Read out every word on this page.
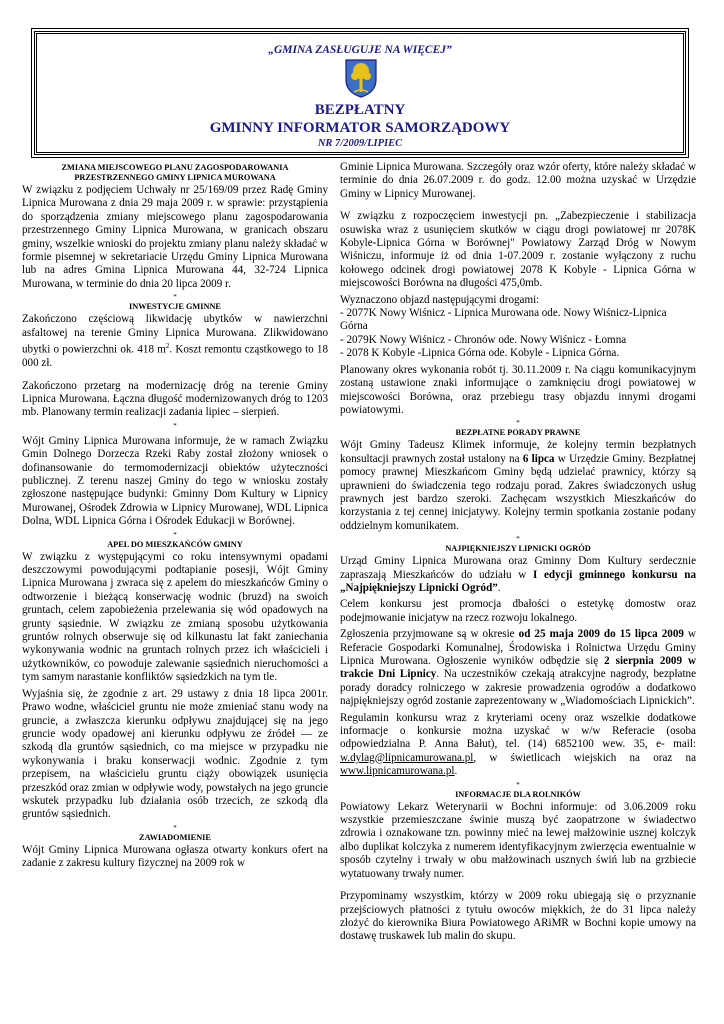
„GMINA ZASŁUGUJE NA WIĘCEJ”
BEZPŁATNY
GMINNY INFORMATOR SAMORZĄDOWY
NR 7/2009/LIPIEC
ZMIANA MIEJSCOWEGO PLANU ZAGOSPODAROWANIA
PRZESTRZENNEGO GMINY LIPNICA MUROWANA

W związku z podjęciem Uchwały nr 25/169/09 przez Radę Gminy Lipnica Murowana z dnia 29 maja 2009 r. w sprawie: przystąpienia do sporządzenia zmiany miejscowego planu zagospodarowania przestrzennego Gminy Lipnica Murowana, w granicach obszaru gminy, wszelkie wnioski do projektu zmiany planu należy składać w formie pisemnej w sekretariacie Urzędu Gminy Lipnica Murowana lub na adres Gmina Lipnica Murowana 44, 32-724 Lipnica Murowana, w terminie do dnia 20 lipca 2009 r.

*
INWESTYCJE GMINNE

Zakończono częściową likwidację ubytków w nawierzchni asfaltowej na terenie Gminy Lipnica Murowana. Zlikwidowano ubytki o powierzchni ok. 418 $m^2$. Koszt remontu cząstkowego to 18 000 zł.

Zakończono przetarg na modernizację dróg na terenie Gminy Lipnica Murowana. Łączna długość modernizowanych dróg to 1203 mb. Planowany termin realizacji zadania lipiec – sierpień.

*

Wójt Gminy Lipnica Murowana informuje, że w ramach Związku Gmin Dolnego Dorzecza Rzeki Raby został złożony wniosek o dofinansowanie do termomodernizacji obiektów użyteczności publicznej. Z terenu naszej Gminy do tego w wniosku zostały zgłoszone następujące budynki: Gminny Dom Kultury w Lipnicy Murowanej, Ośrodek Zdrowia w Lipnicy Murowanej, WDL Lipnica Dolna, WDL Lipnica Górna i Ośrodek Edukacji w Borównej.

*
APEL DO MIESZKAŃCÓW GMINY

W związku z występującymi co roku intensywnymi opadami deszczowymi powodującymi podtapianie posesji, Wójt Gminy Lipnica Murowana j zwraca się z apelem do mieszkańców Gminy o odtworzenie i bieżącą konserwację wodnic (bruzd) na swoich gruntach, celem zapobieżenia przelewania się wód opadowych na grunty sąsiednie. W związku ze zmianą sposobu użytkowania gruntów rolnych obserwuje się od kilkunastu lat fakt zaniechania wykonywania wodnic na gruntach rolnych przez ich właścicieli i użytkowników, co powoduje zalewanie sąsiednich nieruchomości a tym samym narastanie konfliktów sąsiedzkich na tym tle.

Wyjaśnia się, że zgodnie z art. 29 ustawy z dnia 18 lipca 2001r. Prawo wodne, właściciel gruntu nie może zmieniać stanu wody na gruncie, a zwłaszcza kierunku odpływu znajdującej się na jego gruncie wody opadowej ani kierunku odpływu ze źródeł — ze szkodą dla gruntów sąsiednich, co ma miejsce w przypadku nie wykonywania i braku konserwacji wodnic. Zgodnie z tym przepisem, na właścicielu gruntu ciąży obowiązek usunięcia przeszkód oraz zmian w odpływie wody, powstałych na jego gruncie wskutek przypadku lub działania osób trzecich, ze szkodą dla gruntów sąsiednich.

*
ZAWIADOMIENIE

Wójt Gminy Lipnica Murowana ogłasza otwarty konkurs ofert na zadanie z zakresu kultury fizycznej na 2009 rok w

Gminie Lipnica Murowana. Szczegóły oraz wzór oferty, które należy składać w terminie do dnia 26.07.2009 r. do godz. 12.00 można uzyskać w Urzędzie Gminy w Lipnicy Murowanej.

W związku z rozpoczęciem inwestycji pn. „Zabezpieczenie i stabilizacja osuwiska wraz z usunięciem skutków w ciągu drogi powiatowej nr 2078K Kobyle-Lipnica Górna w Borównej" Powiatowy Zarząd Dróg w Nowym Wiśniczu, informuje iż od dnia 1-07.2009 r. zostanie wyłączony z ruchu kołowego odcinek drogi powiatowej 2078 K Kobyle - Lipnica Górna w miejscowości Borówna na długości 475,0mb.

Wyznaczono objazd następującymi drogami:
- 2077K Nowy Wiśnicz - Lipnica Murowana ode. Nowy Wiśnicz-Lipnica Górna
- 2079K Nowy Wiśnicz - Chronów ode. Nowy Wiśnicz - Łomna
- 2078 K Kobyle -Lipnica Górna ode. Kobyle - Lipnica Górna.

Planowany okres wykonania robót tj. 30.11.2009 r. Na ciągu komunikacyjnym zostaną ustawione znaki informujące o zamknięciu drogi powiatowej w miejscowości Borówna, oraz przebiegu trasy objazdu innymi drogami powiatowymi.

*
BEZPŁATNE PORADY PRAWNE

Wójt Gminy Tadeusz Klimek informuje, że kolejny termin bezpłatnych konsultacji prawnych został ustalony na 6 lipca w Urzędzie Gminy. Bezpłatnej pomocy prawnej Mieszkańcom Gminy będą udzielać prawnicy, którzy są uprawnieni do świadczenia tego rodzaju porad. Zakres świadczonych usług prawnych jest bardzo szeroki. Zachęcam wszystkich Mieszkańców do korzystania z tej cennej inicjatywy. Kolejny termin spotkania zostanie podany oddzielnym komunikatem.

*
NAJPIĘKNIEJSZY LIPNICKI OGRÓD

Urząd Gminy Lipnica Murowana oraz Gminny Dom Kultury serdecznie zapraszają Mieszkańców do udziału w I edycji gminnego konkursu na „Najpiękniejszy Lipnicki Ogród”.

Celem konkursu jest promocja dbałości o estetykę domostw oraz podejmowanie inicjatyw na rzecz rozwoju lokalnego.

Zgłoszenia przyjmowane są w okresie od 25 maja 2009 do 15 lipca 2009 w Referacie Gospodarki Komunalnej, Środowiska i Rolnictwa Urzędu Gminy Lipnica Murowana. Ogłoszenie wyników odbędzie się 2 sierpnia 2009 w trakcie Dni Lipnicy. Na uczestników czekają atrakcyjne nagrody, bezpłatne porady doradcy rolniczego w zakresie prowadzenia ogrodów a dodatkowo najpiękniejszy ogród zostanie zaprezentowany w „Wiadomościach Lipnickich”.

Regulamin konkursu wraz z kryteriami oceny oraz wszelkie dodatkowe informacje o konkursie można uzyskać w w/w Referacie (osoba odpowiedzialna P. Anna Bałut), tel. (14) 6852100 wew. 35, e- mail: w.dylag@lipnicamurowana.pl, w świetlicach wiejskich na oraz na www.lipnicamurowana.pl.

*
INFORMACJE DLA ROLNIKÓW

Powiatowy Lekarz Weterynarii w Bochni informuje: od 3.06.2009 roku wszystkie przemieszczane świnie muszą być zaopatrzone w świadectwo zdrowia i oznakowane tzn. powinny mieć na lewej małżowinie usznej kolczyk albo duplikat kolczyka z numerem identyfikacyjnym zwierzęcia ewentualnie w sposób czytelny i trwały w obu małżowinach usznych świń lub na grzbiecie wytatuowany trwały numer.

Przypominamy wszystkim, którzy w 2009 roku ubiegają się o przyznanie przejściowych płatności z tytułu owoców miękkich, że do 31 lipca należy złożyć do kierownika Biura Powiatowego ARiMR w Bochni kopie umowy na dostawę truskawek lub malin do skupu.
